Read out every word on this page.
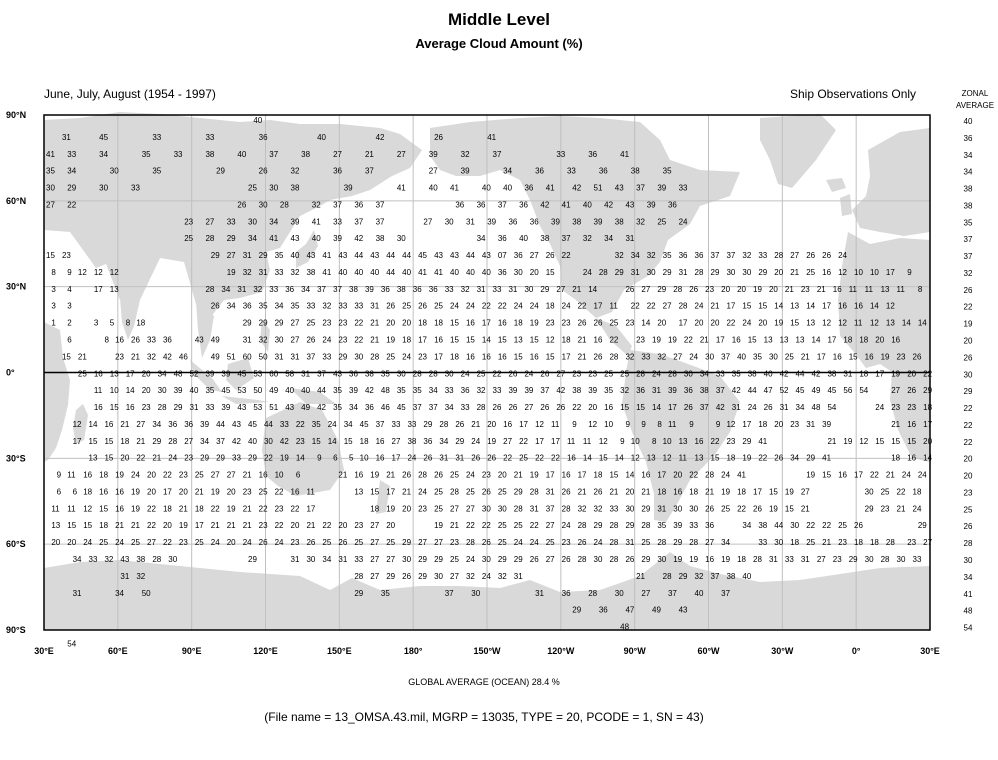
Middle Level
Average Cloud Amount (%)
June, July, August (1954 - 1997)	Ship Observations Only	ZONAL
AVERAGE
40
31	45	33	33	36	40	42	26	41
41 33	34	35	33	38	40	37	38	27	21	27	39	32	37	33	36	41
35 34	30	35	29	26	32	36	37	27	39	34	36	33	36	38	35
30 29	30	33	25 30 38	39	41	40 41	40 40 36 41 42 51 43 37 39 33
27 22	26 30 28	32 37 36 37	36 36 37 36 42 41 40 42 43 39 36
23 27 33 30 34 39 41 33 37 37	27 30 31 39 36 36 39 38 39 38 32 25 24
25 28 29 34 41 43 40 39 42 38 30	34 36 40 38 37 32 34 31
15 23	29 27 31 29 35 40 43 41 43 44 43 44 44 45 43 43 44 43 07 36 27 26 22	32 34 32 35 36 36 37 37 32 33 28 27 26 26 24
8 9 12 12 12	19 32 31 33 32 38 41 40 40 40 44 40 41 41 40 40 40 36 30 20 15	24 28 29 31 30 29 31 28 29 30 30 29 20 21 25 16 12 10 10 17 9
3 4	17 13	28 34 31 32 33 36 34 37 37 38 39 36 38 36 36 33 32 31 33 31 30 29 27 21 14	26 27 29 28 26 23 20 20 19 20 21 23 21 16 11 11 13 11 8
3 3	26 34 36 35 34 35 33 32 33 33 31 26 25 26 25 24 24 22 22 24 24 18 24 22 17 11 22 22 27 28 24 21 17 15 15 14 13 14 17 16 16 14 12
1 2	3 5 8 18	29 29 29 27 25 23 23 22 21 20 20 18 18 15 16 17 16 18 19 23 23 26 26 25 23 14 20 17 20 20 22 24 20 19 15 13 12 12 11 12 13 14 14
6	8 16 26 33 36	43 49	31 32 30 27 26 24 23 22 21 19 18 17 16 15 15 14 15 13 15 12 18 21 16 22 23 19 19 22 21 17 16 15 13 13 13 14 17 18 18 20 16
15 21	23 21 32 42 46	49 51 60 50 31 31 37 33 29 30 28 25 24 23 17 18 16 16 16 15 16 15 17 21 26 28 32 33 32 27 24 30 37 40 35 30 25 21 17 16 15 16 19 23 26
25 16 13 17 20 34 48 52 39 39 45 53 60 58 31 37 43 36 38 35 30 28 28 30 24 25 22 26 24 26 27 23 23 25 25 28 24 28 30 34 33 35 38 40 42 44 42 38 31 18 17 19 20 22
11 10 14 20 30 39 40 35 45 53 50 49 40 40 44 35 39 42 48 35 35 34 33 36 32 33 39 39 37 42 38 39 35 32 36 31 39 36 38 37 42 44 47 52 45 49 45 56 54	27 26 29
16 15 16 23 28 29 31 33 39 43 53 51 43 49 42 35 34 36 46 45 37 37 34 33 28 26 26 27 26 26 22 20 16 15 15 14 17 26 37 42 31 24 26 31 34 48 54	24 23 23 18
12 14 16 21 27 34 36 36 39 44 43 45 44 33 22 35 24 34 45 37 33 33 29 28 26 21 20 16 17 12 11 9 12 10 9 9 8 11 9	9 12 17 18 20 23 31 39	21 16 17
17 15 15 18 21 29 28 27 34 37 42 40 30 42 23 15 14 15 18 16 27 38 36 34 29 24 19 27 22 17 17 11 11 12 9 10 8 10 13 16 22 23 29 41	21 19 12 15 15 15 20
13 15 20 22 21 24 23 29 29 33 29 22 19 14 9 6 5 10 16 17 24 26 31 31 26 26 22 25 22 22 16 14 15 14 12 13 12 11 13 15 18 19 22 26 34 29 41	18 16 14
9 11 16 18 19 24 20 22 23 25 27 27 21 16 10 6	21 16 19 21 26 28 26 25 24 23 20 21 19 17 16 17 18 15 14 16 17 20 22 28 24 41	19 15 16 17 22 21 24 24
6 6 18 16 16 19 20 17 20 21 19 20 23 25 22 16 11	13 15 17 21 24 25 28 25 26 25 29 28 31 26 21 26 21 20 21 18 16 18 21 19 18 17 15 19 27	30 25 22 18
11 11 12 15 16 19 22 18 21 18 22 19 21 22 23 22 17	18 19 20 23 25 27 27 30 30 28 31 37 28 32 32 33 30 29 31 30 30 26 25 22 26 19 15 21	29 23 21 24
13 15 15 18 21 21 22 20 19 17 21 21 21 23 22 20 21 22 20 23 27 20	19 21 22 22 25 25 22 27 24 28 29 28 29 28 35 39 33 36	34 38 44 30 22 22 25 26	29
20 20 24 25 24 25 27 22 23 25 24 20 24 26 24 23 26 25 26 25 27 25 29 27 27 23 28 26 25 24 24 25 23 26 24 28 31 25 28 29 28 27 34	33 30 18 25 21 23 18 18 28 23 27
34 33 32 43 38 28 30	29	31 30 34 31 33 27 27 30 29 29 25 24 30 29 29 26 27 26 28 30 28 26 29 30 19 19 16 19 18 28 31 33 31 27 23 29 30 28 30 33
31 32	28 27 29 26 29 30 27 32 24 32 31	21 28 29 32 37 38 40
31	34 50	29 35	37 30	31 36 28 30 27 37 40 37
29 36 47 49 43
48
54
40
36
34
34
38
38
35
37
37
32
26
22
19
20
26
30
29
22
22
22
20
20
23
25
26
28
30
34
41
48
54
30°E	60°E	90°E	120°E	150°E	180°	150°W	120°W	90°W	60°W	30°W	0°	30°E
90°N
60°N
30°N
0°
30°S
60°S
90°S
GLOBAL AVERAGE (OCEAN) 28.4 %
(File name = 13_OMSA.43.mil, MGRP = 13035, TYPE = 20, PCODE = 1, SN = 43)
